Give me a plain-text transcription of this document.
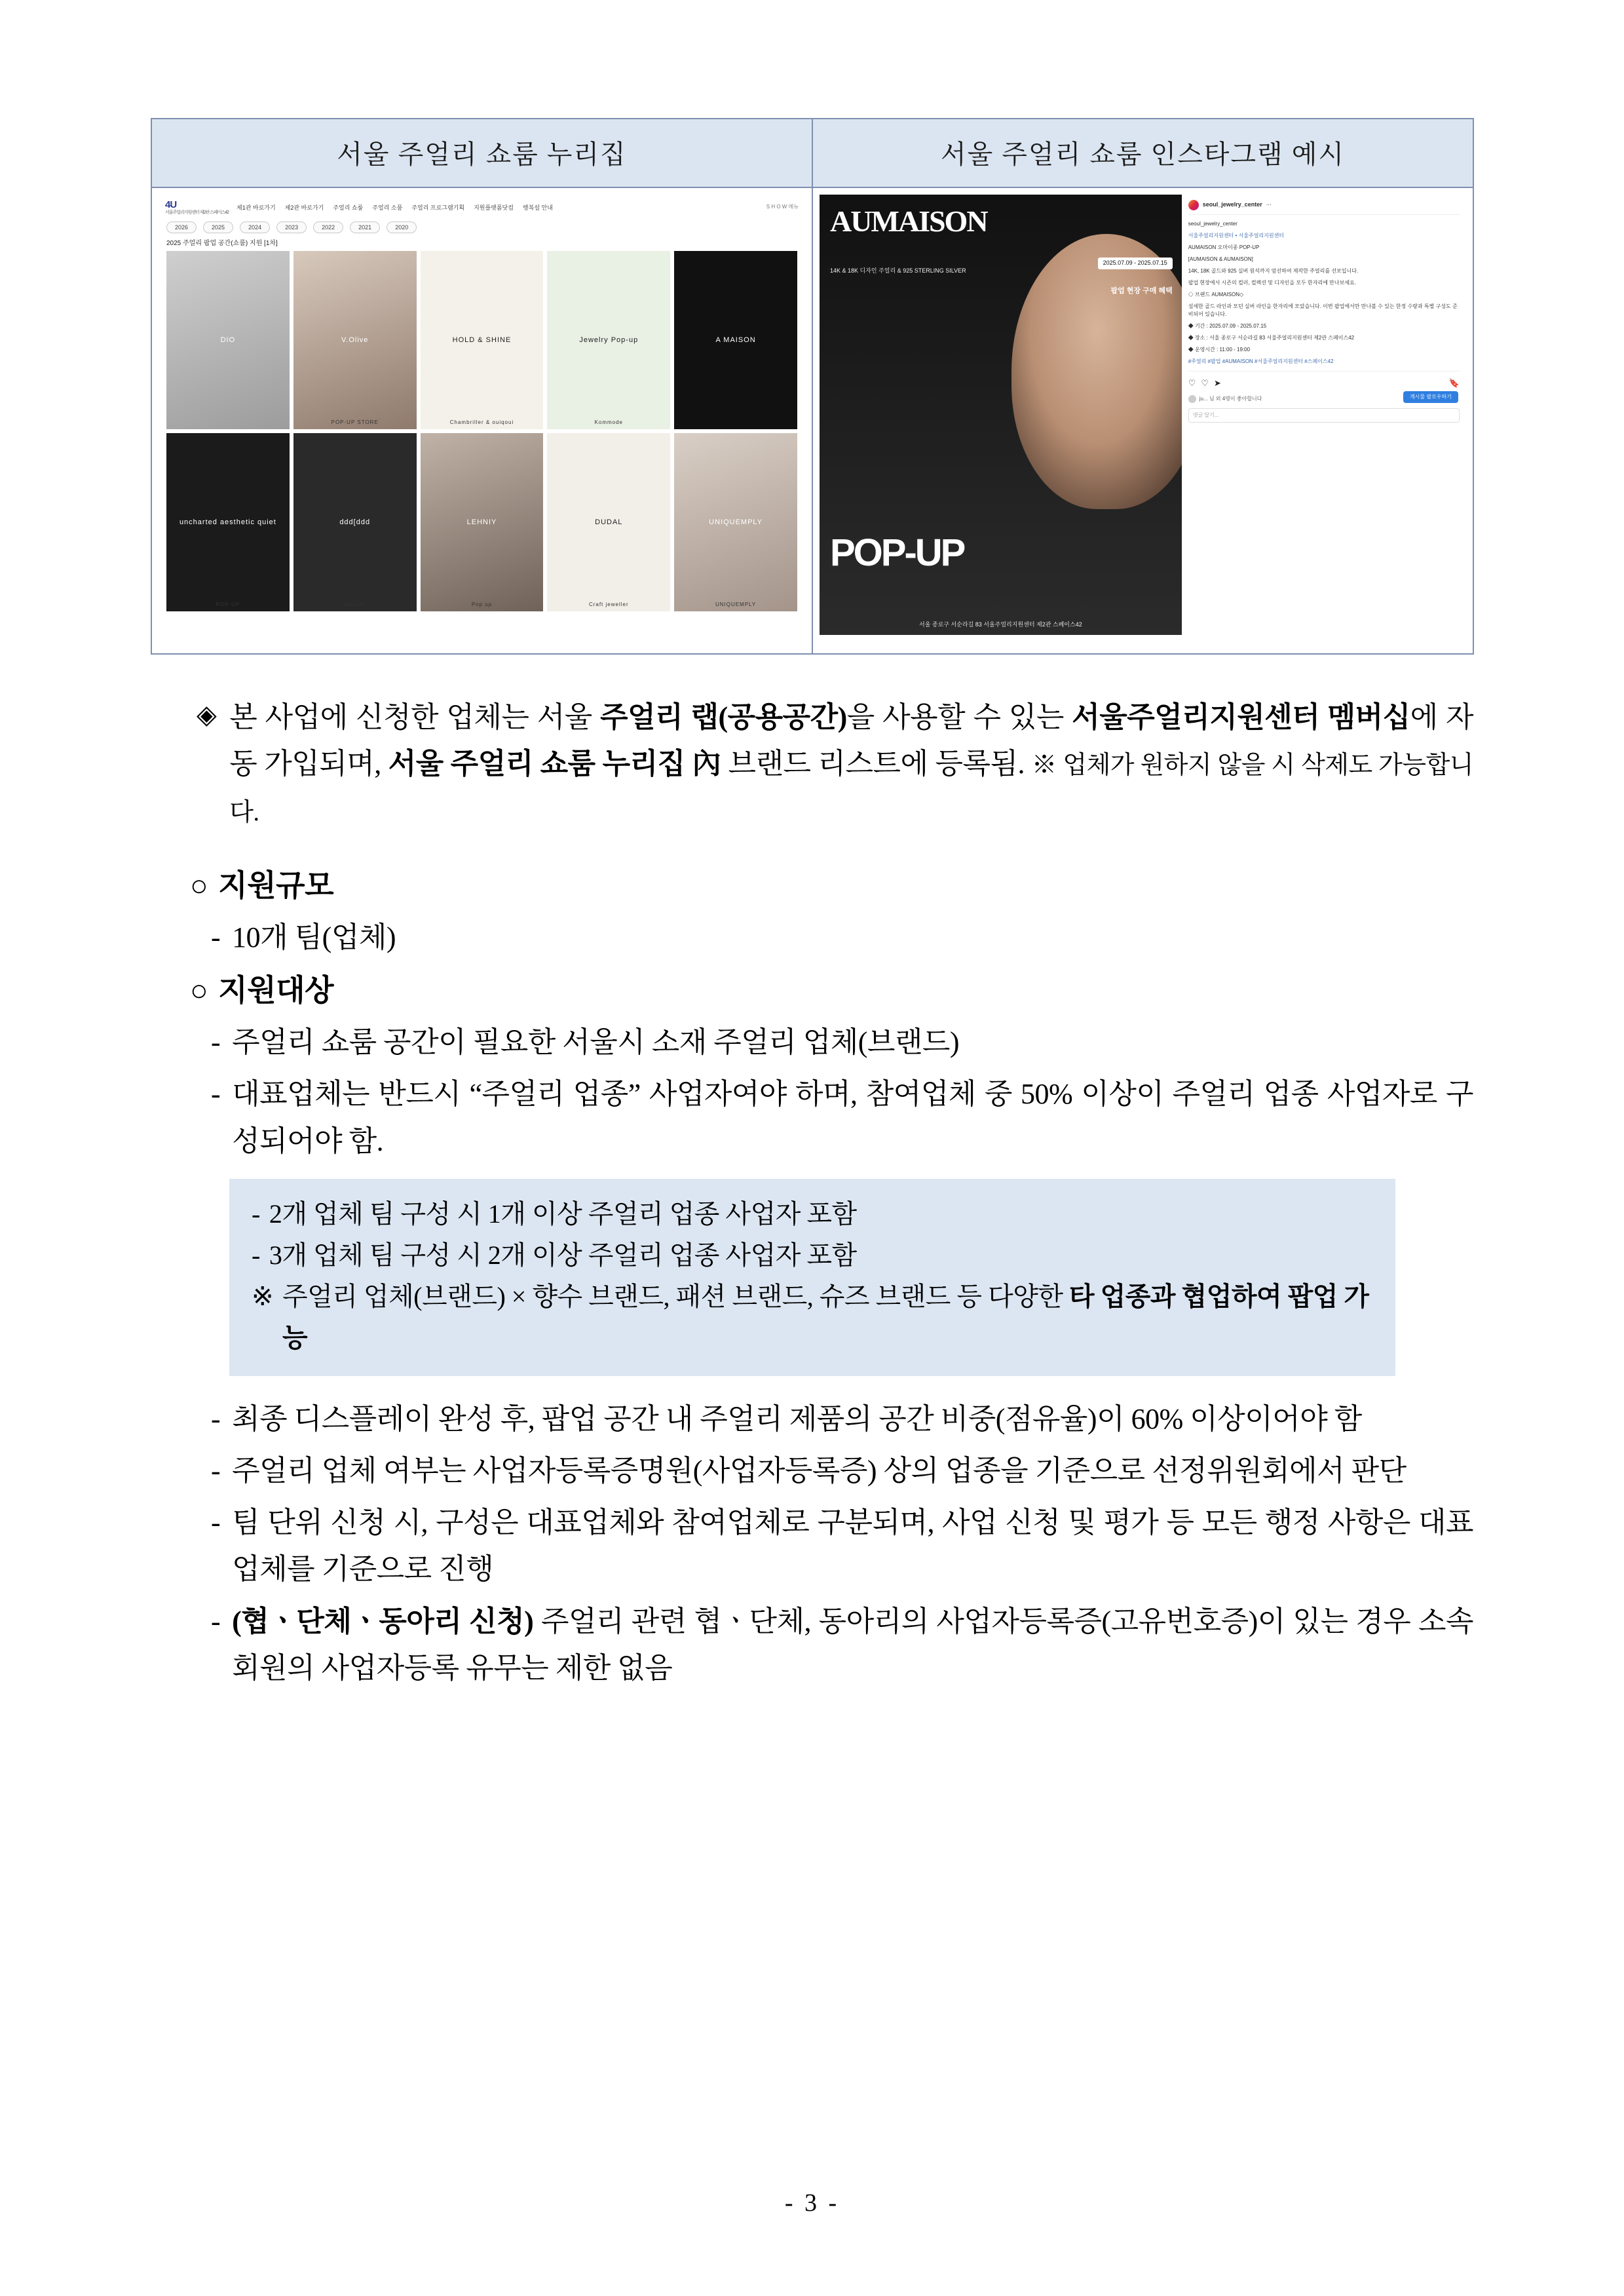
서울 주얼리 쇼룸 누리집	서울 주얼리 쇼룸 인스타그램 예시

4U
서울주얼리지원센터 제2관 스페이스42
제1관 바로가기 제2관 바로가기 주얼리 쇼룸 주얼리 소품 주얼리 프로그램기획 지원플랫폼닷컴 행복설 안내	S H O W 메뉴
2026	2025	2024	2023	2022	2021	2020
2025 주얼리 팝업 공간(쇼룸) 지원 [1차]
DIO	V.Olive
POP-UP STORE
HOLD & SHINE
Chambriller & ouiqoui
Jewelry Pop-up
Kommode
A MAISON
uncharted aesthetic quiet
POP-UP
ddd[ddd
onbleer
LEHNIY
Pop up
DUDAL
Craft jeweller
UNIQUEMPLY
UNIQUEMPLY

AUMAISON
14K & 18K 디자인 주얼리 & 925 STERLING SILVER
2025.07.09 - 2025.07.15
팝업 현장 구매 혜택
POP-UP
서울 종로구 서순라길 83 서울주얼리지원센터 제2관 스페이스42
seoul_jewelry_center ⋯

seoul_jewelry_center

서울주얼리지원센터 • 서울주얼리지원센터

AUMAISON 오마이종 POP-UP

[AUMAISON & AUMAISON]

14K, 18K 골드와 925 실버 원석까지 엄선하여 제작한 주얼리를 선보입니다.

팝업 현장에서 시즌의 컬러, 컬렉션 및 디자인을 모두 한자리에 만나보세요.

◇ 브랜드 AUMAISON◇

섬세한 골드 라인과 모던 실버 라인을 한자리에 모았습니다. 이번 팝업에서만 만나볼 수 있는 한정 수량과 특별 구성도 준비되어 있습니다.

◆ 기간 : 2025.07.09 - 2025.07.15

◆ 장소 : 서울 종로구 서순라길 83 서울주얼리지원센터 제2관 스페이스42

◆ 운영시간 : 11:00 - 19:00

#주얼리 #팝업 #AUMAISON #서울주얼리지원센터 #스페이스42

게시물 팔로우하기
♡ ♡ ➤	🔖
ju... 님 외 4명이 좋아합니다
댓글 달기...
◈ 본 사업에 신청한 업체는 서울 주얼리 랩(공용공간)을 사용할 수 있는 서울주얼리지원센터 멤버십에 자동 가입되며, 서울 주얼리 쇼룸 누리집 內 브랜드 리스트에 등록됨. ※ 업체가 원하지 않을 시 삭제도 가능합니다.
○ 지원규모
- 10개 팀(업체)
○ 지원대상
- 주얼리 쇼룸 공간이 필요한 서울시 소재 주얼리 업체(브랜드)
- 대표업체는 반드시 “주얼리 업종” 사업자여야 하며, 참여업체 중 50% 이상이 주얼리 업종 사업자로 구성되어야 함.
- 2개 업체 팀 구성 시 1개 이상 주얼리 업종 사업자 포함
- 3개 업체 팀 구성 시 2개 이상 주얼리 업종 사업자 포함
※ 주얼리 업체(브랜드) × 향수 브랜드, 패션 브랜드, 슈즈 브랜드 등 다양한 타 업종과 협업하여 팝업 가능
- 최종 디스플레이 완성 후, 팝업 공간 내 주얼리 제품의 공간 비중(점유율)이 60% 이상이어야 함
- 주얼리 업체 여부는 사업자등록증명원(사업자등록증) 상의 업종을 기준으로 선정위원회에서 판단
- 팀 단위 신청 시, 구성은 대표업체와 참여업체로 구분되며, 사업 신청 및 평가 등 모든 행정 사항은 대표업체를 기준으로 진행
- (협ㆍ단체ㆍ동아리 신청) 주얼리 관련 협ㆍ단체, 동아리의 사업자등록증(고유번호증)이 있는 경우 소속 회원의 사업자등록 유무는 제한 없음
- 3 -
